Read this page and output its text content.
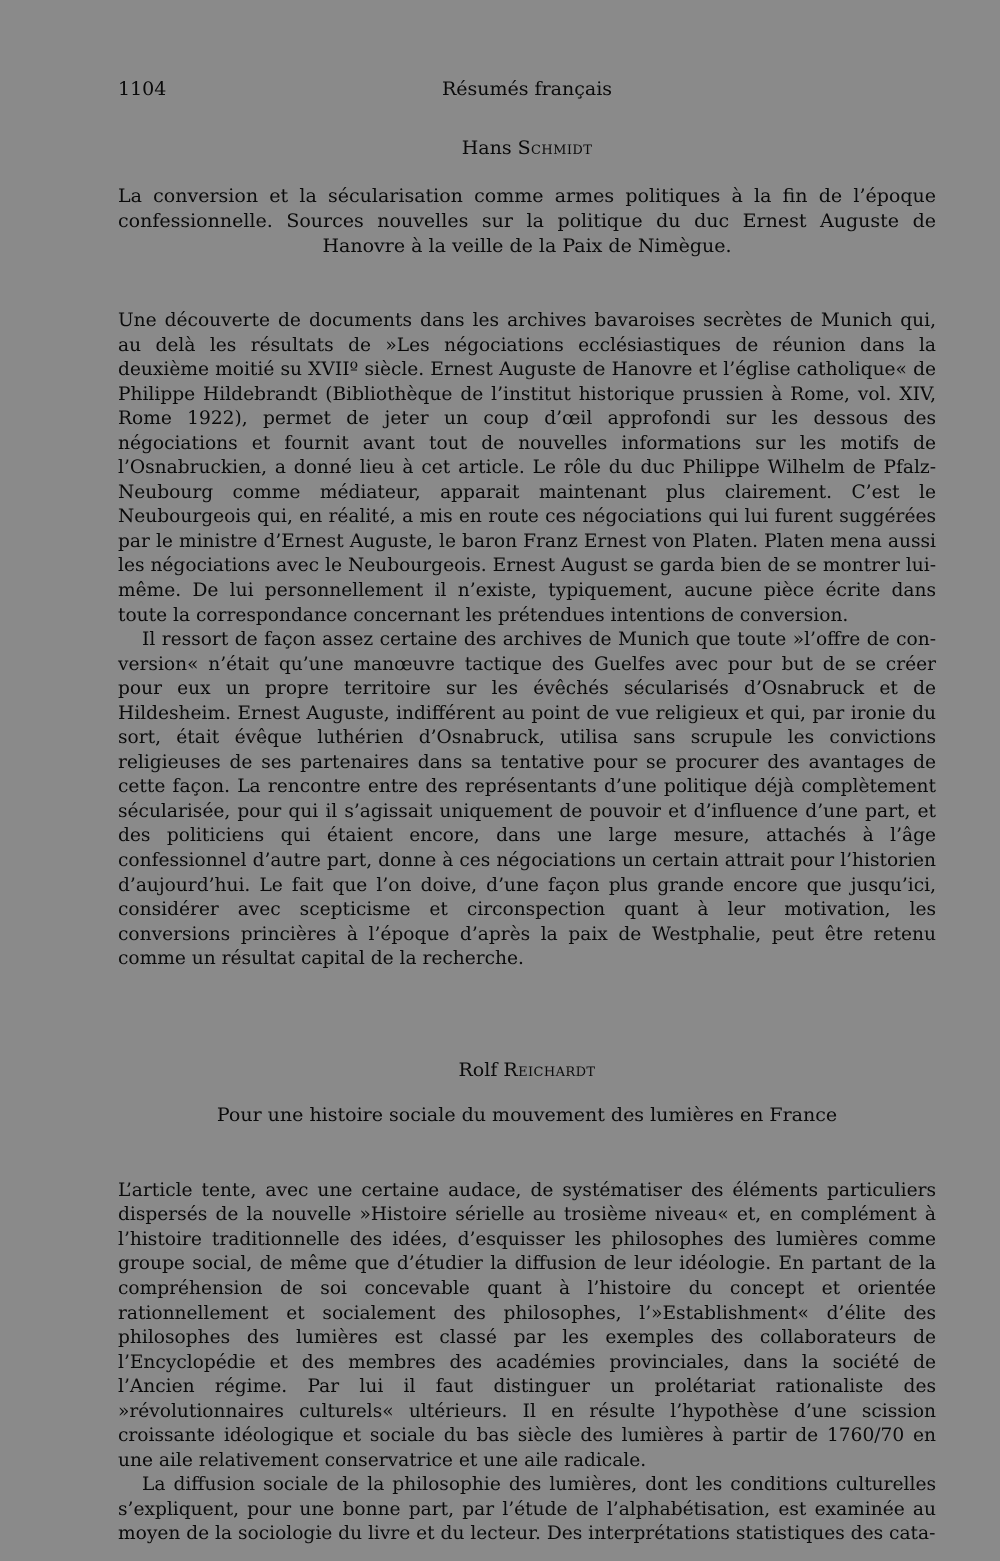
1104	Résumés français

Hans Schmidt

La conversion et la sécularisation comme armes politiques à la fin de l’époque confessionnelle. Sources nouvelles sur la politique du duc Ernest Auguste de Hanovre à la veille de la Paix de Nimègue.

Une découverte de documents dans les archives bavaroises secrètes de Munich qui, au delà les résultats de »Les négociations ecclésiastiques de réunion dans la deuxième moitié su XVIIº siècle. Ernest Auguste de Hanovre et l’église catholique« de Philippe Hildebrandt (Bibliothèque de l’institut historique prussien à Rome, vol. XIV, Rome 1922), permet de jeter un coup d’œil approfondi sur les dessous des négociations et fournit avant tout de nouvelles informations sur les motifs de l’Osnabruckien, a donné lieu à cet article. Le rôle du duc Philippe Wilhelm de Pfalz-Neubourg comme médiateur, apparait maintenant plus clairement. C’est le Neubourgeois qui, en réalité, a mis en route ces négociations qui lui furent suggérées par le ministre d’Ernest Auguste, le baron Franz Ernest von Platen. Platen mena aussi les négociations avec le Neubourgeois. Ernest August se garda bien de se montrer lui-même. De lui personnellement il n’existe, typiquement, aucune pièce écrite dans toute la correspondance concernant les prétendues intentions de conversion.

Il ressort de façon assez certaine des archives de Munich que toute »l’offre de conversion« n’était qu’une manœuvre tactique des Guelfes avec pour but de se créer pour eux un propre territoire sur les évêchés sécularisés d’Osnabruck et de Hildesheim. Ernest Auguste, indifférent au point de vue religieux et qui, par ironie du sort, était évêque luthérien d’Osnabruck, utilisa sans scrupule les convictions religieuses de ses partenaires dans sa tentative pour se procurer des avantages de cette façon. La rencontre entre des représentants d’une politique déjà complètement sécularisée, pour qui il s’agissait uniquement de pouvoir et d’influence d’une part, et des politiciens qui étaient encore, dans une large mesure, attachés à l’âge confessionnel d’autre part, donne à ces négociations un certain attrait pour l’historien d’aujourd’hui. Le fait que l’on doive, d’une façon plus grande encore que jusqu’ici, considérer avec scepticisme et circonspection quant à leur motivation, les conversions princières à l’époque d’après la paix de Westphalie, peut être retenu comme un résultat capital de la recherche.

Rolf Reichardt

Pour une histoire sociale du mouvement des lumières en France

L’article tente, avec une certaine audace, de systématiser des éléments particuliers dispersés de la nouvelle »Histoire sérielle au trosième niveau« et, en complément à l’histoire traditionnelle des idées, d’esquisser les philosophes des lumières comme groupe social, de même que d’étudier la diffusion de leur idéologie. En partant de la compréhension de soi concevable quant à l’histoire du concept et orientée rationnellement et socialement des philosophes, l’»Establishment« d’élite des philosophes des lumières est classé par les exemples des collaborateurs de l’Encyclopédie et des membres des académies provinciales, dans la société de l’Ancien régime. Par lui il faut distinguer un prolétariat rationaliste des »révolutionnaires culturels« ultérieurs. Il en résulte l’hypothèse d’une scission croissante idéologique et sociale du bas siècle des lumières à partir de 1760/70 en une aile relativement conservatrice et une aile radicale.

La diffusion sociale de la philosophie des lumières, dont les conditions culturelles s’expliquent, pour une bonne part, par l’étude de l’alphabétisation, est examinée au moyen de la sociologie du livre et du lecteur. Des interprétations statistiques des cata-
